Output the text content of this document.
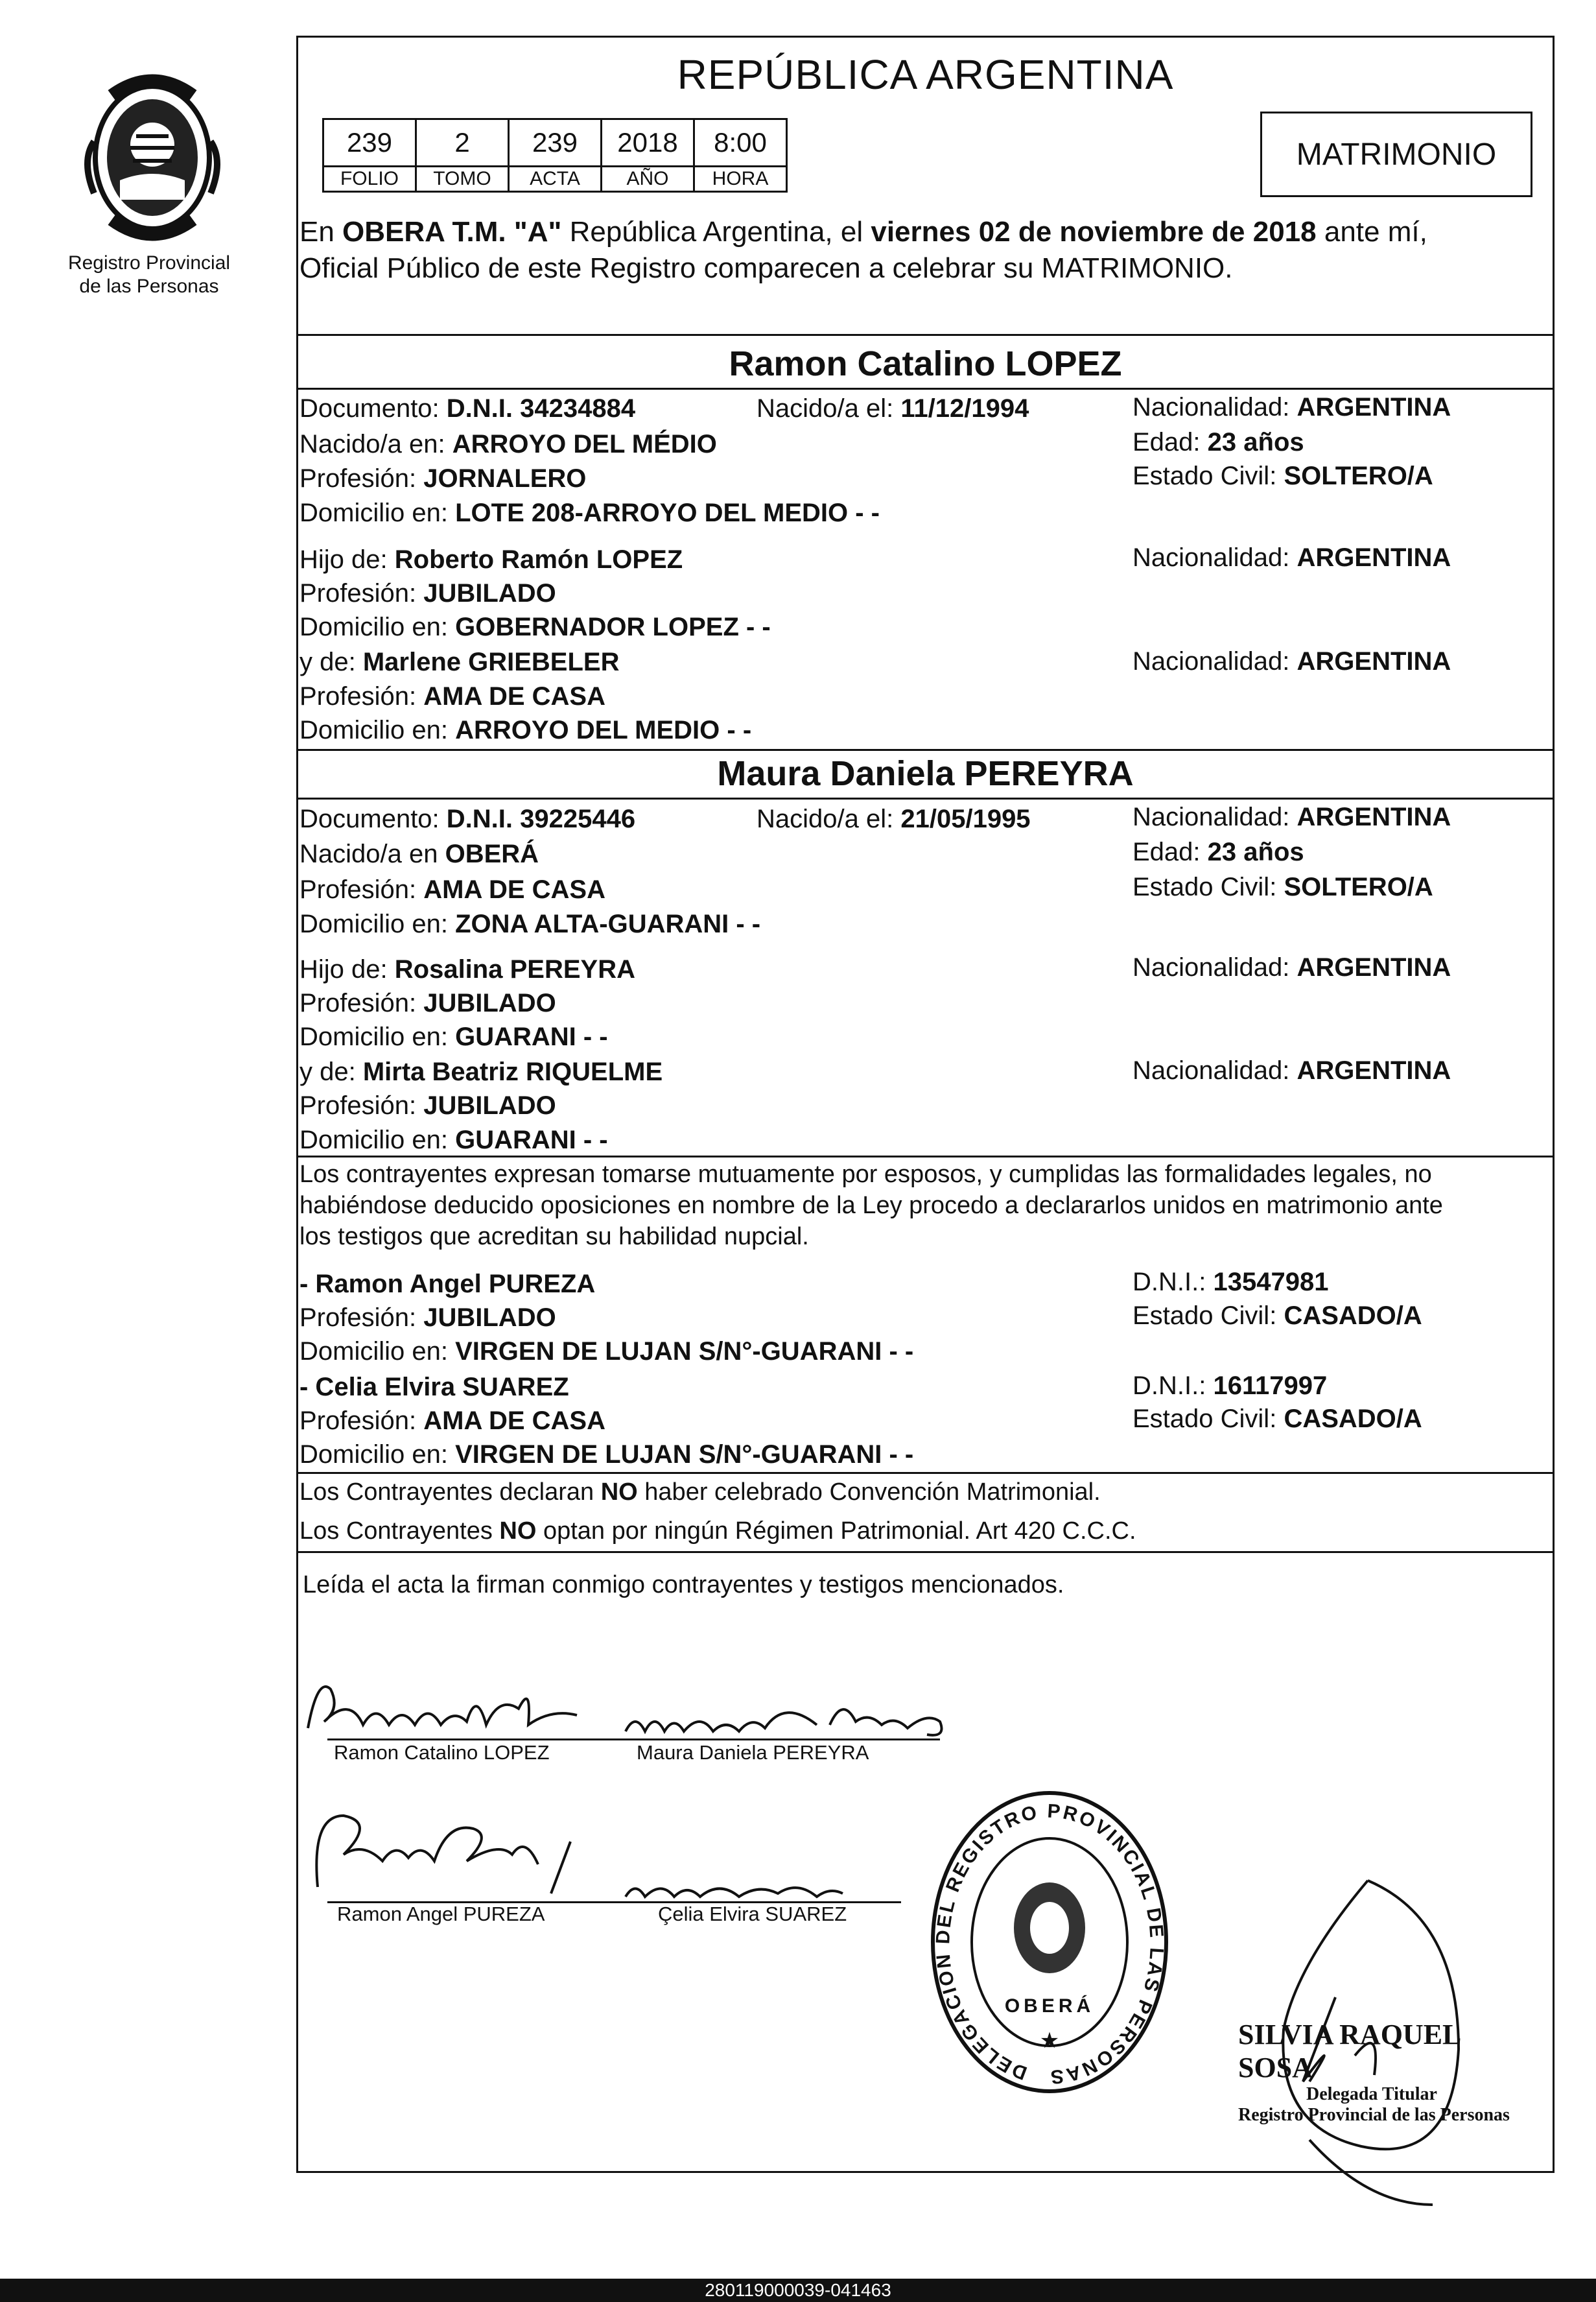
Registro Provincial
de las Personas
REPÚBLICA ARGENTINA
239	2	239	2018	8:00
FOLIO	TOMO	ACTA	AÑO	HORA
MATRIMONIO
En OBERA T.M. "A" República Argentina, el viernes 02 de noviembre de 2018 ante mí,
Oficial Público de este Registro comparecen a celebrar su MATRIMONIO.
Ramon Catalino LOPEZ
Documento: D.N.I. 34234884	Nacido/a el: 11/12/1994	Nacionalidad: ARGENTINA
Nacido/a en: ARROYO DEL MÉDIO	Edad: 23 años
Profesión: JORNALERO	Estado Civil: SOLTERO/A
Domicilio en: LOTE 208-ARROYO DEL MEDIO - -
Hijo de: Roberto Ramón LOPEZ	Nacionalidad: ARGENTINA
Profesión: JUBILADO
Domicilio en: GOBERNADOR LOPEZ - -
y de: Marlene GRIEBELER	Nacionalidad: ARGENTINA
Profesión: AMA DE CASA
Domicilio en: ARROYO DEL MEDIO - -
Maura Daniela PEREYRA
Documento: D.N.I. 39225446	Nacido/a el: 21/05/1995	Nacionalidad: ARGENTINA
Nacido/a en OBERÁ	Edad: 23 años
Profesión: AMA DE CASA	Estado Civil: SOLTERO/A
Domicilio en: ZONA ALTA-GUARANI - -
Hijo de: Rosalina PEREYRA	Nacionalidad: ARGENTINA
Profesión: JUBILADO
Domicilio en: GUARANI - -
y de: Mirta Beatriz RIQUELME	Nacionalidad: ARGENTINA
Profesión: JUBILADO
Domicilio en: GUARANI - -
Los contrayentes expresan tomarse mutuamente por esposos, y cumplidas las formalidades legales, no
habiéndose deducido oposiciones en nombre de la Ley procedo a declararlos unidos en matrimonio ante
los testigos que acreditan su habilidad nupcial.
- Ramon Angel PUREZA	D.N.I.: 13547981
Profesión: JUBILADO	Estado Civil: CASADO/A
Domicilio en: VIRGEN DE LUJAN S/N°-GUARANI - -
- Celia Elvira SUAREZ	D.N.I.: 16117997
Profesión: AMA DE CASA	Estado Civil: CASADO/A
Domicilio en: VIRGEN DE LUJAN S/N°-GUARANI - -
Los Contrayentes declaran NO haber celebrado Convención Matrimonial.
Los Contrayentes NO optan por ningún Régimen Patrimonial. Art 420 C.C.C.
Leída el acta la firman conmigo contrayentes y testigos mencionados.
Ramon Catalino LOPEZ	Maura Daniela PEREYRA
Ramon Angel PUREZA	Çelia Elvira SUAREZ
DELEGACION DEL REGISTRO PROVINCIAL DE LAS PERSONAS
OBERÁ
★	SILVIA RAQUEL SOSA
Delegada Titular
Registro Provincial de las Personas
280119000039-041463
